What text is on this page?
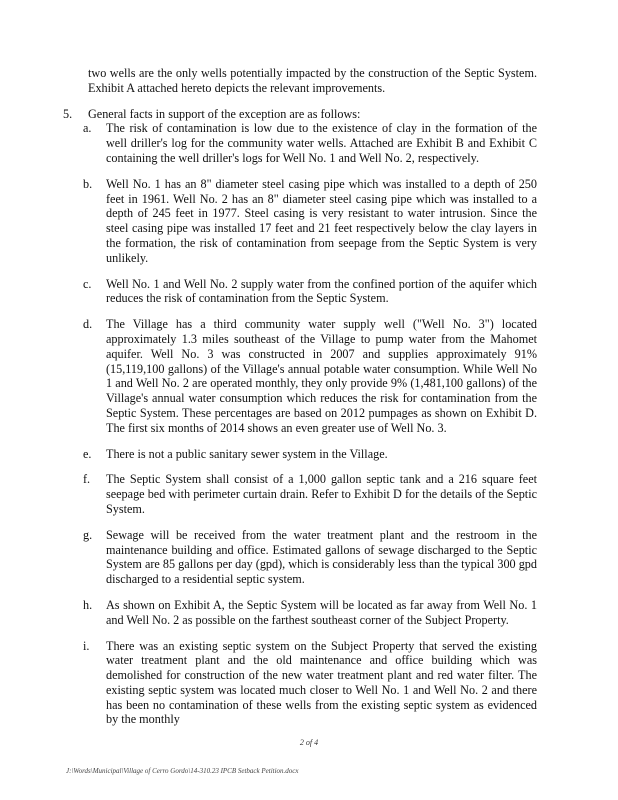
two wells are the only wells potentially impacted by the construction of the Septic System. Exhibit A attached hereto depicts the relevant improvements.
5. General facts in support of the exception are as follows:
a. The risk of contamination is low due to the existence of clay in the formation of the well driller's log for the community water wells. Attached are Exhibit B and Exhibit C containing the well driller's logs for Well No. 1 and Well No. 2, respectively.
b. Well No. 1 has an 8" diameter steel casing pipe which was installed to a depth of 250 feet in 1961. Well No. 2 has an 8" diameter steel casing pipe which was installed to a depth of 245 feet in 1977. Steel casing is very resistant to water intrusion. Since the steel casing pipe was installed 17 feet and 21 feet respectively below the clay layers in the formation, the risk of contamination from seepage from the Septic System is very unlikely.
c. Well No. 1 and Well No. 2 supply water from the confined portion of the aquifer which reduces the risk of contamination from the Septic System.
d. The Village has a third community water supply well ("Well No. 3") located approximately 1.3 miles southeast of the Village to pump water from the Mahomet aquifer. Well No. 3 was constructed in 2007 and supplies approximately 91% (15,119,100 gallons) of the Village's annual potable water consumption. While Well No 1 and Well No. 2 are operated monthly, they only provide 9% (1,481,100 gallons) of the Village's annual water consumption which reduces the risk for contamination from the Septic System. These percentages are based on 2012 pumpages as shown on Exhibit D. The first six months of 2014 shows an even greater use of Well No. 3.
e. There is not a public sanitary sewer system in the Village.
f. The Septic System shall consist of a 1,000 gallon septic tank and a 216 square feet seepage bed with perimeter curtain drain. Refer to Exhibit D for the details of the Septic System.
g. Sewage will be received from the water treatment plant and the restroom in the maintenance building and office. Estimated gallons of sewage discharged to the Septic System are 85 gallons per day (gpd), which is considerably less than the typical 300 gpd discharged to a residential septic system.
h. As shown on Exhibit A, the Septic System will be located as far away from Well No. 1 and Well No. 2 as possible on the farthest southeast corner of the Subject Property.
i. There was an existing septic system on the Subject Property that served the existing water treatment plant and the old maintenance and office building which was demolished for construction of the new water treatment plant and red water filter. The existing septic system was located much closer to Well No. 1 and Well No. 2 and there has been no contamination of these wells from the existing septic system as evidenced by the monthly
2 of 4
J:\Words\Municipal\Village of Cerro Gordo\14-310.23 IPCB Setback Petition.docx
